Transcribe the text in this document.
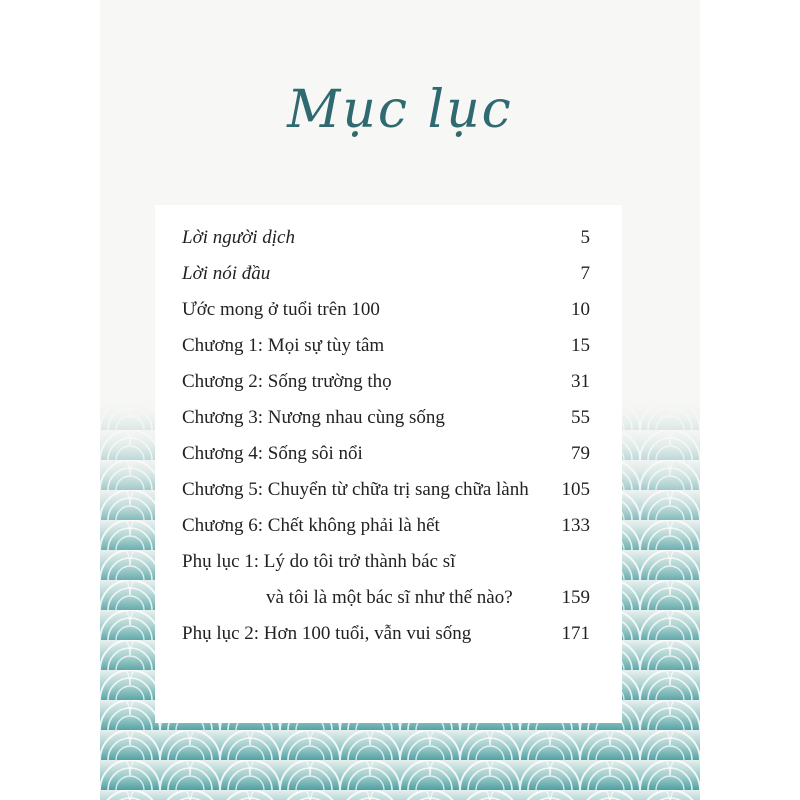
Mục lục
Lời người dịch	5
Lời nói đầu	7
Ước mong ở tuổi trên 100	10
Chương 1: Mọi sự tùy tâm	15
Chương 2: Sống trường thọ	31
Chương 3: Nương nhau cùng sống	55
Chương 4: Sống sôi nổi	79
Chương 5: Chuyển từ chữa trị sang chữa lành 105
Chương 6: Chết không phải là hết	133
Phụ lục 1: Lý do tôi trở thành bác sĩ
và tôi là một bác sĩ như thế nào?	159
Phụ lục 2: Hơn 100 tuổi, vẫn vui sống	171
